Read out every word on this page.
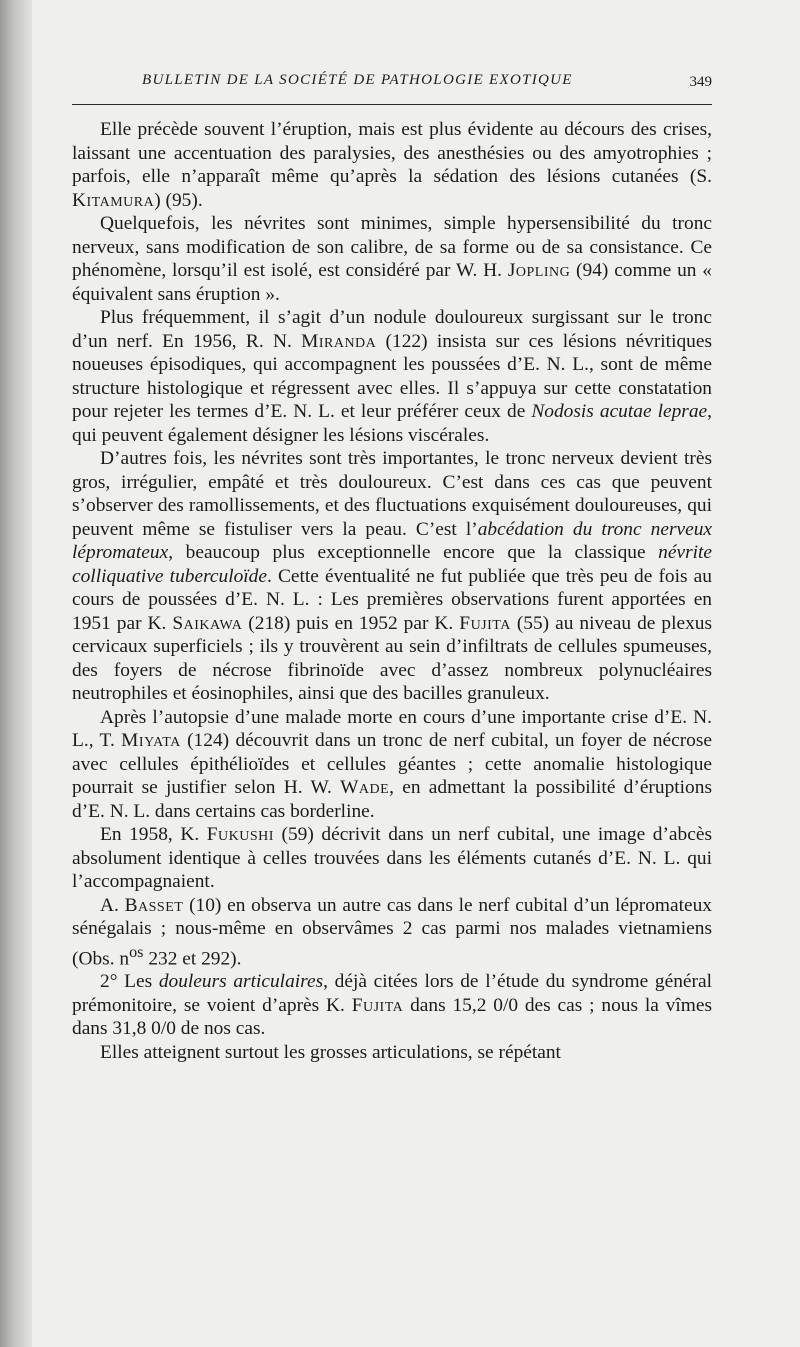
BULLETIN DE LA SOCIÉTÉ DE PATHOLOGIE EXOTIQUE	349

Elle précède souvent l’éruption, mais est plus évidente au décours des crises, laissant une accentuation des paralysies, des anesthésies ou des amyotrophies ; parfois, elle n’apparaît même qu’après la sédation des lésions cutanées (S. Kitamura) (95).

Quelquefois, les névrites sont minimes, simple hypersensibilité du tronc nerveux, sans modification de son calibre, de sa forme ou de sa consistance. Ce phénomène, lorsqu’il est isolé, est considéré par W. H. Jopling (94) comme un « équivalent sans éruption ».

Plus fréquemment, il s’agit d’un nodule douloureux surgissant sur le tronc d’un nerf. En 1956, R. N. Miranda (122) insista sur ces lésions névritiques noueuses épisodiques, qui accompagnent les poussées d’E. N. L., sont de même structure histologique et régressent avec elles. Il s’appuya sur cette constatation pour rejeter les termes d’E. N. L. et leur préférer ceux de Nodosis acutae leprae, qui peuvent également désigner les lésions viscérales.

D’autres fois, les névrites sont très importantes, le tronc nerveux devient très gros, irrégulier, empâté et très douloureux. C’est dans ces cas que peuvent s’observer des ramollissements, et des fluctuations exquisément douloureuses, qui peuvent même se fistuliser vers la peau. C’est l’abcédation du tronc nerveux lépromateux, beaucoup plus exceptionnelle encore que la classique névrite colliquative tuberculoïde. Cette éventualité ne fut publiée que très peu de fois au cours de poussées d’E. N. L. : Les premières observations furent apportées en 1951 par K. Saikawa (218) puis en 1952 par K. Fujita (55) au niveau de plexus cervicaux superficiels ; ils y trouvèrent au sein d’infiltrats de cellules spumeuses, des foyers de nécrose fibrinoïde avec d’assez nombreux polynucléaires neutrophiles et éosinophiles, ainsi que des bacilles granuleux.

Après l’autopsie d’une malade morte en cours d’une importante crise d’E. N. L., T. Miyata (124) découvrit dans un tronc de nerf cubital, un foyer de nécrose avec cellules épithélioïdes et cellules géantes ; cette anomalie histologique pourrait se justifier selon H. W. Wade, en admettant la possibilité d’éruptions d’E. N. L. dans certains cas borderline.

En 1958, K. Fukushi (59) décrivit dans un nerf cubital, une image d’abcès absolument identique à celles trouvées dans les éléments cutanés d’E. N. L. qui l’accompagnaient.

A. Basset (10) en observa un autre cas dans le nerf cubital d’un lépromateux sénégalais ; nous-même en observâmes 2 cas parmi nos malades vietnamiens (Obs. $n^{os}$ 232 et 292).

2° Les douleurs articulaires, déjà citées lors de l’étude du syndrome général prémonitoire, se voient d’après K. Fujita dans 15,2 0/0 des cas ; nous la vîmes dans 31,8 0/0 de nos cas.

Elles atteignent surtout les grosses articulations, se répétant
